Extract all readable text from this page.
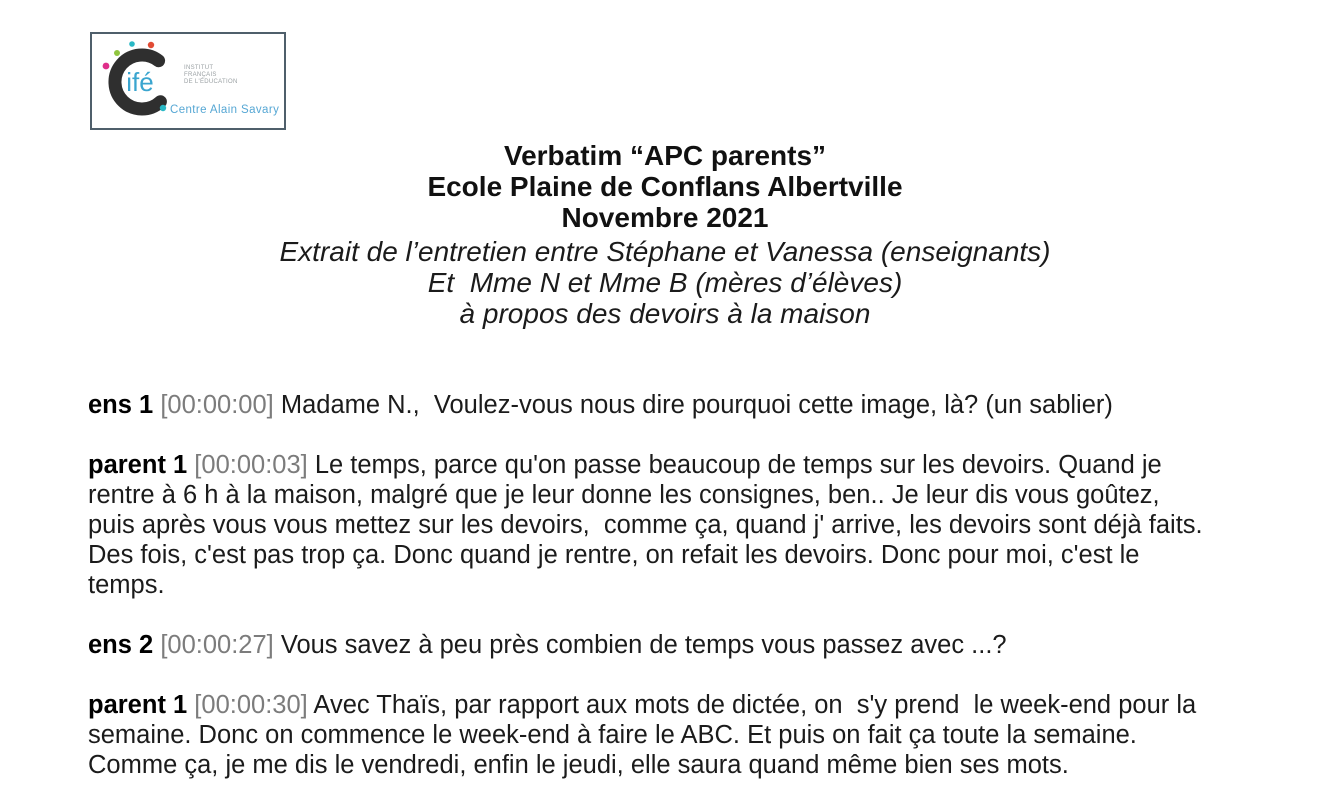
ifé	INSTITUT
FRANÇAIS
DE L'ÉDUCATION
Centre Alain Savary
Verbatim “APC parents”
Ecole Plaine de Conflans Albertville
Novembre 2021
Extrait de l’entretien entre Stéphane et Vanessa (enseignants)
Et  Mme N et Mme B (mères d’élèves)
à propos des devoirs à la maison

ens 1 [00:00:00] Madame N.,  Voulez-vous nous dire pourquoi cette image, là? (un sablier)

parent 1 [00:00:03] Le temps, parce qu'on passe beaucoup de temps sur les devoirs. Quand je rentre à 6 h à la maison, malgré que je leur donne les consignes, ben.. Je leur dis vous goûtez, puis après vous vous mettez sur les devoirs,  comme ça, quand j' arrive, les devoirs sont déjà faits. Des fois, c'est pas trop ça. Donc quand je rentre, on refait les devoirs. Donc pour moi, c'est le temps.

ens 2 [00:00:27] Vous savez à peu près combien de temps vous passez avec ...?

parent 1 [00:00:30] Avec Thaïs, par rapport aux mots de dictée, on  s'y prend  le week-end pour la semaine. Donc on commence le week-end à faire le ABC. Et puis on fait ça toute la semaine. Comme ça, je me dis le vendredi, enfin le jeudi, elle saura quand même bien ses mots.
